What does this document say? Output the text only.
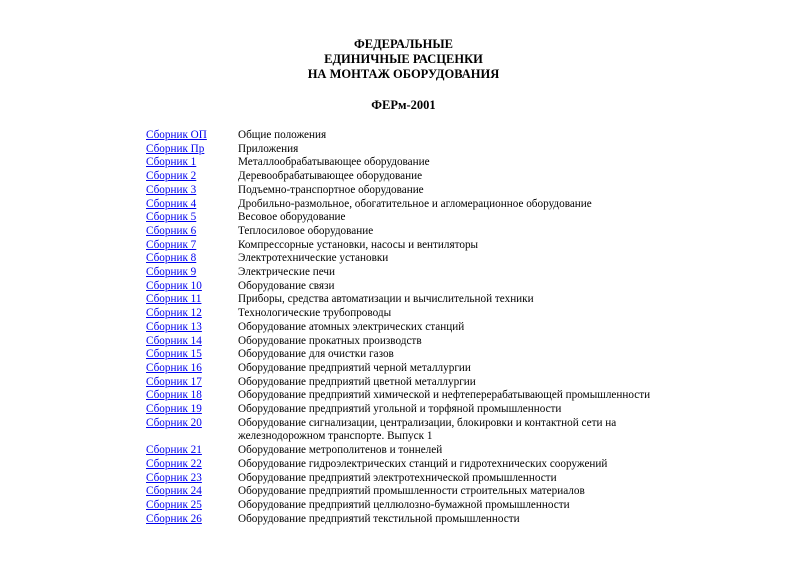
ФЕДЕРАЛЬНЫЕ
ЕДИНИЧНЫЕ РАСЦЕНКИ
НА МОНТАЖ ОБОРУДОВАНИЯ
ФЕРм-2001
Сборник ОП	Общие положения
Сборник Пр	Приложения
Сборник 1	Металлообрабатывающее оборудование
Сборник 2	Деревообрабатывающее оборудование
Сборник 3	Подъемно-транспортное оборудование
Сборник 4	Дробильно-размольное, обогатительное и агломерационное оборудование
Сборник 5	Весовое оборудование
Сборник 6	Теплосиловое оборудование
Сборник 7	Компрессорные установки, насосы и вентиляторы
Сборник 8	Электротехнические установки
Сборник 9	Электрические печи
Сборник 10	Оборудование связи
Сборник 11	Приборы, средства автоматизации и вычислительной техники
Сборник 12	Технологические трубопроводы
Сборник 13	Оборудование атомных электрических станций
Сборник 14	Оборудование прокатных производств
Сборник 15	Оборудование для очистки газов
Сборник 16	Оборудование предприятий черной металлургии
Сборник 17	Оборудование предприятий цветной металлургии
Сборник 18	Оборудование предприятий химической и нефтеперерабатывающей промышленности
Сборник 19	Оборудование предприятий угольной и торфяной промышленности
Сборник 20	Оборудование сигнализации, централизации, блокировки и контактной сети на железнодорожном транспорте. Выпуск 1
Сборник 21	Оборудование метрополитенов и тоннелей
Сборник 22	Оборудование гидроэлектрических станций и гидротехнических сооружений
Сборник 23	Оборудование предприятий электротехнической промышленности
Сборник 24	Оборудование предприятий промышленности строительных материалов
Сборник 25	Оборудование предприятий целлюлозно-бумажной промышленности
Сборник 26	Оборудование предприятий текстильной промышленности
